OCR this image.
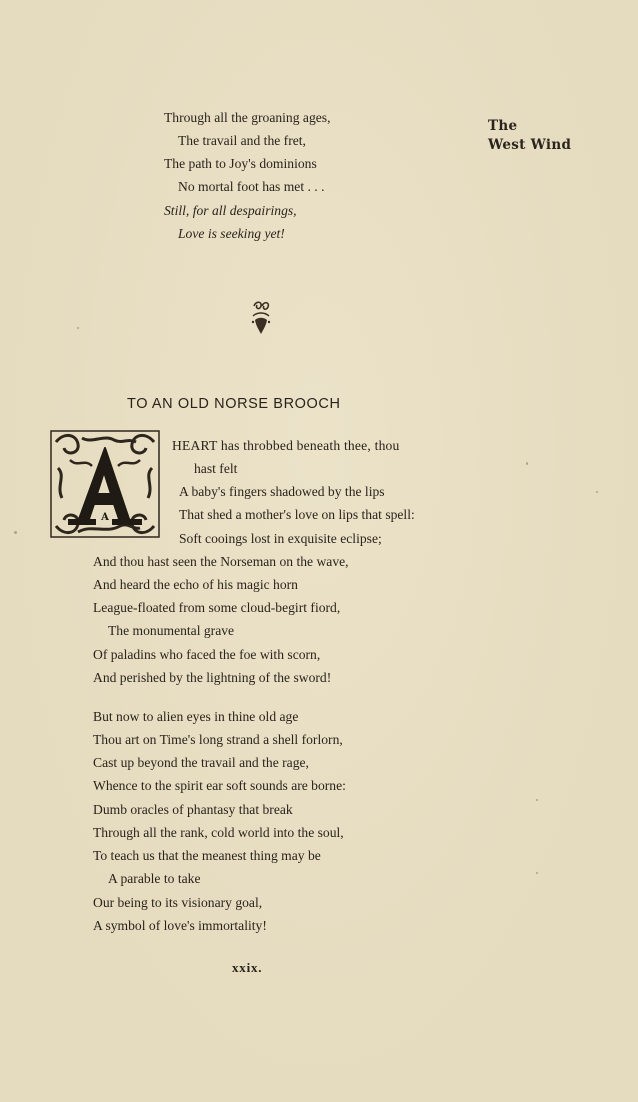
The
West Wind
Through all the groaning ages,
The travail and the fret,
The path to Joy's dominions
No mortal foot has met . . .
Still, for all despairings,
Love is seeking yet!
TO AN OLD NORSE BROOCH
A
HEART has throbbed beneath thee, thou
hast felt
A baby's fingers shadowed by the lips
That shed a mother's love on lips that spell:
Soft cooings lost in exquisite eclipse;
And thou hast seen the Norseman on the wave,
And heard the echo of his magic horn
League-floated from some cloud-begirt fiord,
The monumental grave
Of paladins who faced the foe with scorn,
And perished by the lightning of the sword!
But now to alien eyes in thine old age
Thou art on Time's long strand a shell forlorn,
Cast up beyond the travail and the rage,
Whence to the spirit ear soft sounds are borne:
Dumb oracles of phantasy that break
Through all the rank, cold world into the soul,
To teach us that the meanest thing may be
A parable to take
Our being to its visionary goal,
A symbol of love's immortality!
xxix.
